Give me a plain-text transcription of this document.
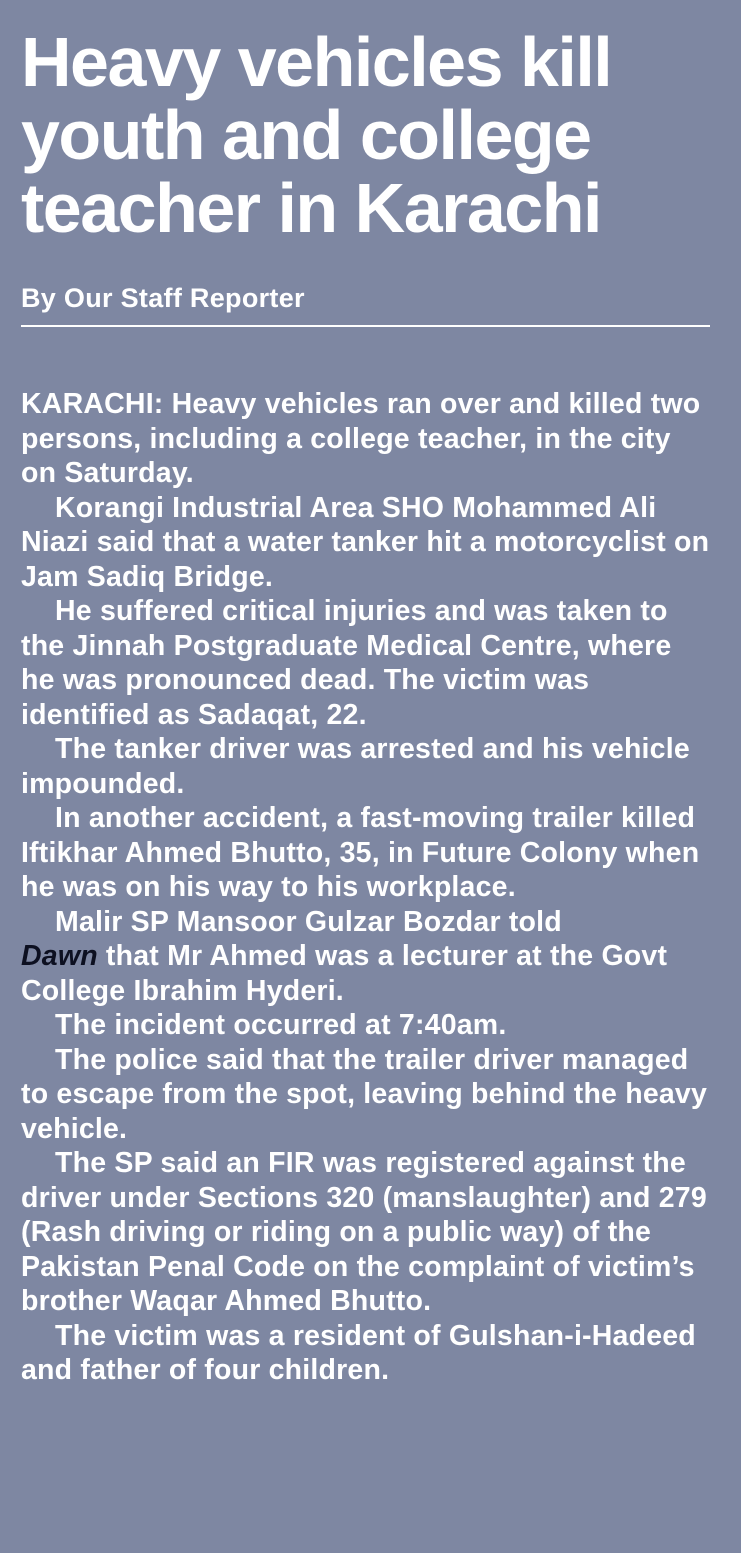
Heavy vehicles kill
youth and college
teacher in Karachi
By Our Staff Reporter

KARACHI: Heavy vehicles ran over and killed two persons, including a college teacher, in the city on Saturday.

Korangi Industrial Area SHO Mohammed Ali Niazi said that a water tanker hit a motorcyclist on Jam Sadiq Bridge.

He suffered critical injuries and was taken to the Jinnah Postgraduate Medical Centre, where he was pronounced dead. The victim was identified as Sadaqat, 22.

The tanker driver was arrested and his vehicle impounded.

In another accident, a fast-moving trailer killed Iftikhar Ahmed Bhutto, 35, in Future Colony when he was on his way to his workplace.

Malir SP Mansoor Gulzar Bozdar told
Dawn that Mr Ahmed was a lecturer at the Govt College Ibrahim Hyderi.

The incident occurred at 7:40am.

The police said that the trailer driver managed to escape from the spot, leaving behind the heavy vehicle.

The SP said an FIR was registered against the driver under Sections 320 (manslaughter) and 279 (Rash driving or riding on a public way) of the Pakistan Penal Code on the complaint of victim’s brother Waqar Ahmed Bhutto.

The victim was a resident of Gulshan-i-Hadeed and father of four children.
